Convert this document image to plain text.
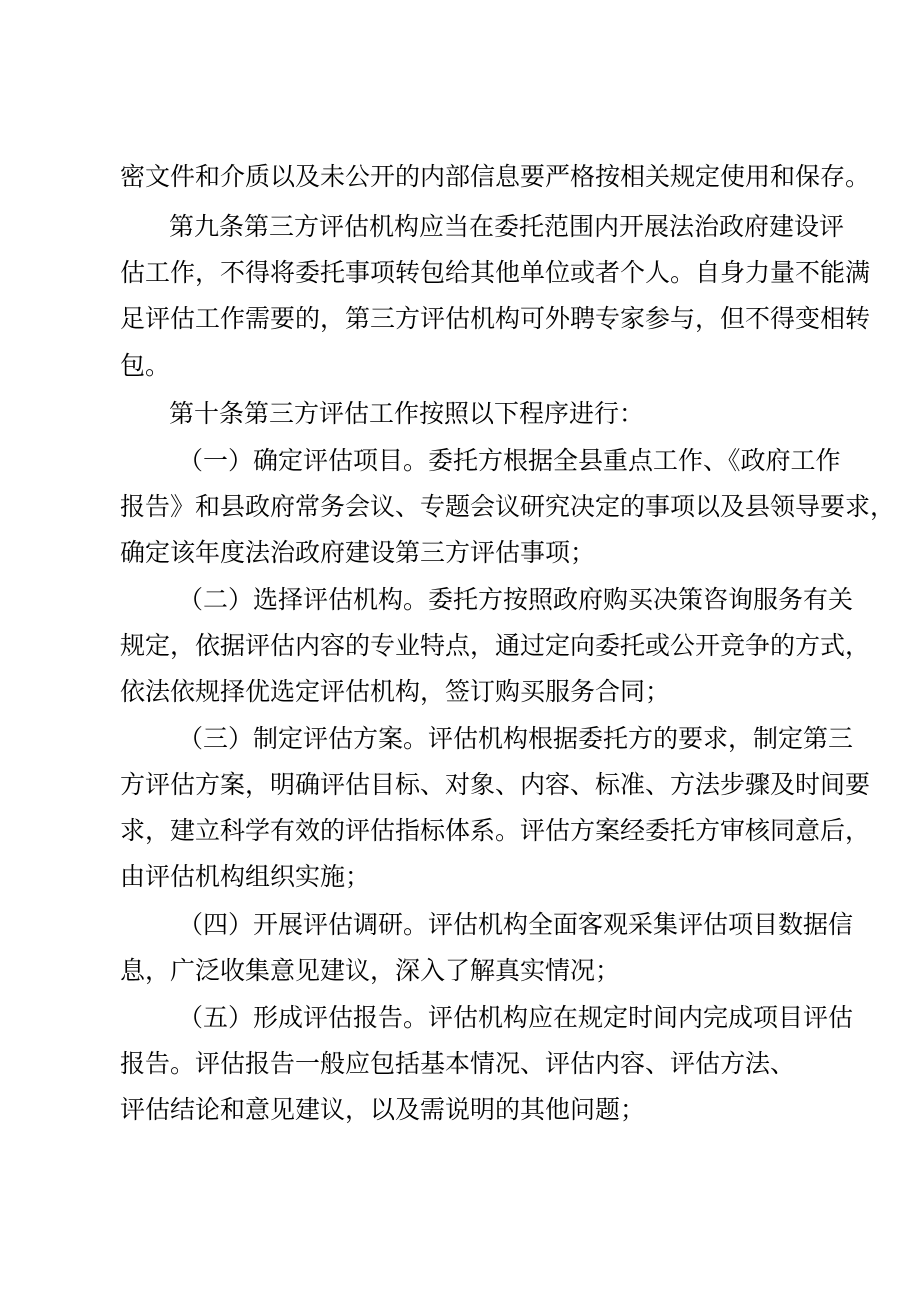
密文件和介质以及未公开的内部信息要严格按相关规定使用和保存。
第九条第三方评估机构应当在委托范围内开展法治政府建设评
估工作，不得将委托事项转包给其他单位或者个人。自身力量不能满
足评估工作需要的，第三方评估机构可外聘专家参与，但不得变相转
包。
第十条第三方评估工作按照以下程序进行：
（一）确定评估项目。委托方根据全县重点工作、《政府工作
报告》和县政府常务会议、专题会议研究决定的事项以及县领导要求，
确定该年度法治政府建设第三方评估事项；
（二）选择评估机构。委托方按照政府购买决策咨询服务有关
规定，依据评估内容的专业特点，通过定向委托或公开竞争的方式，
依法依规择优选定评估机构，签订购买服务合同；
（三）制定评估方案。评估机构根据委托方的要求，制定第三
方评估方案，明确评估目标、对象、内容、标准、方法步骤及时间要
求，建立科学有效的评估指标体系。评估方案经委托方审核同意后，
由评估机构组织实施；
（四）开展评估调研。评估机构全面客观采集评估项目数据信
息，广泛收集意见建议，深入了解真实情况；
（五）形成评估报告。评估机构应在规定时间内完成项目评估
报告。评估报告一般应包括基本情况、评估内容、评估方法、
评估结论和意见建议，以及需说明的其他问题；
